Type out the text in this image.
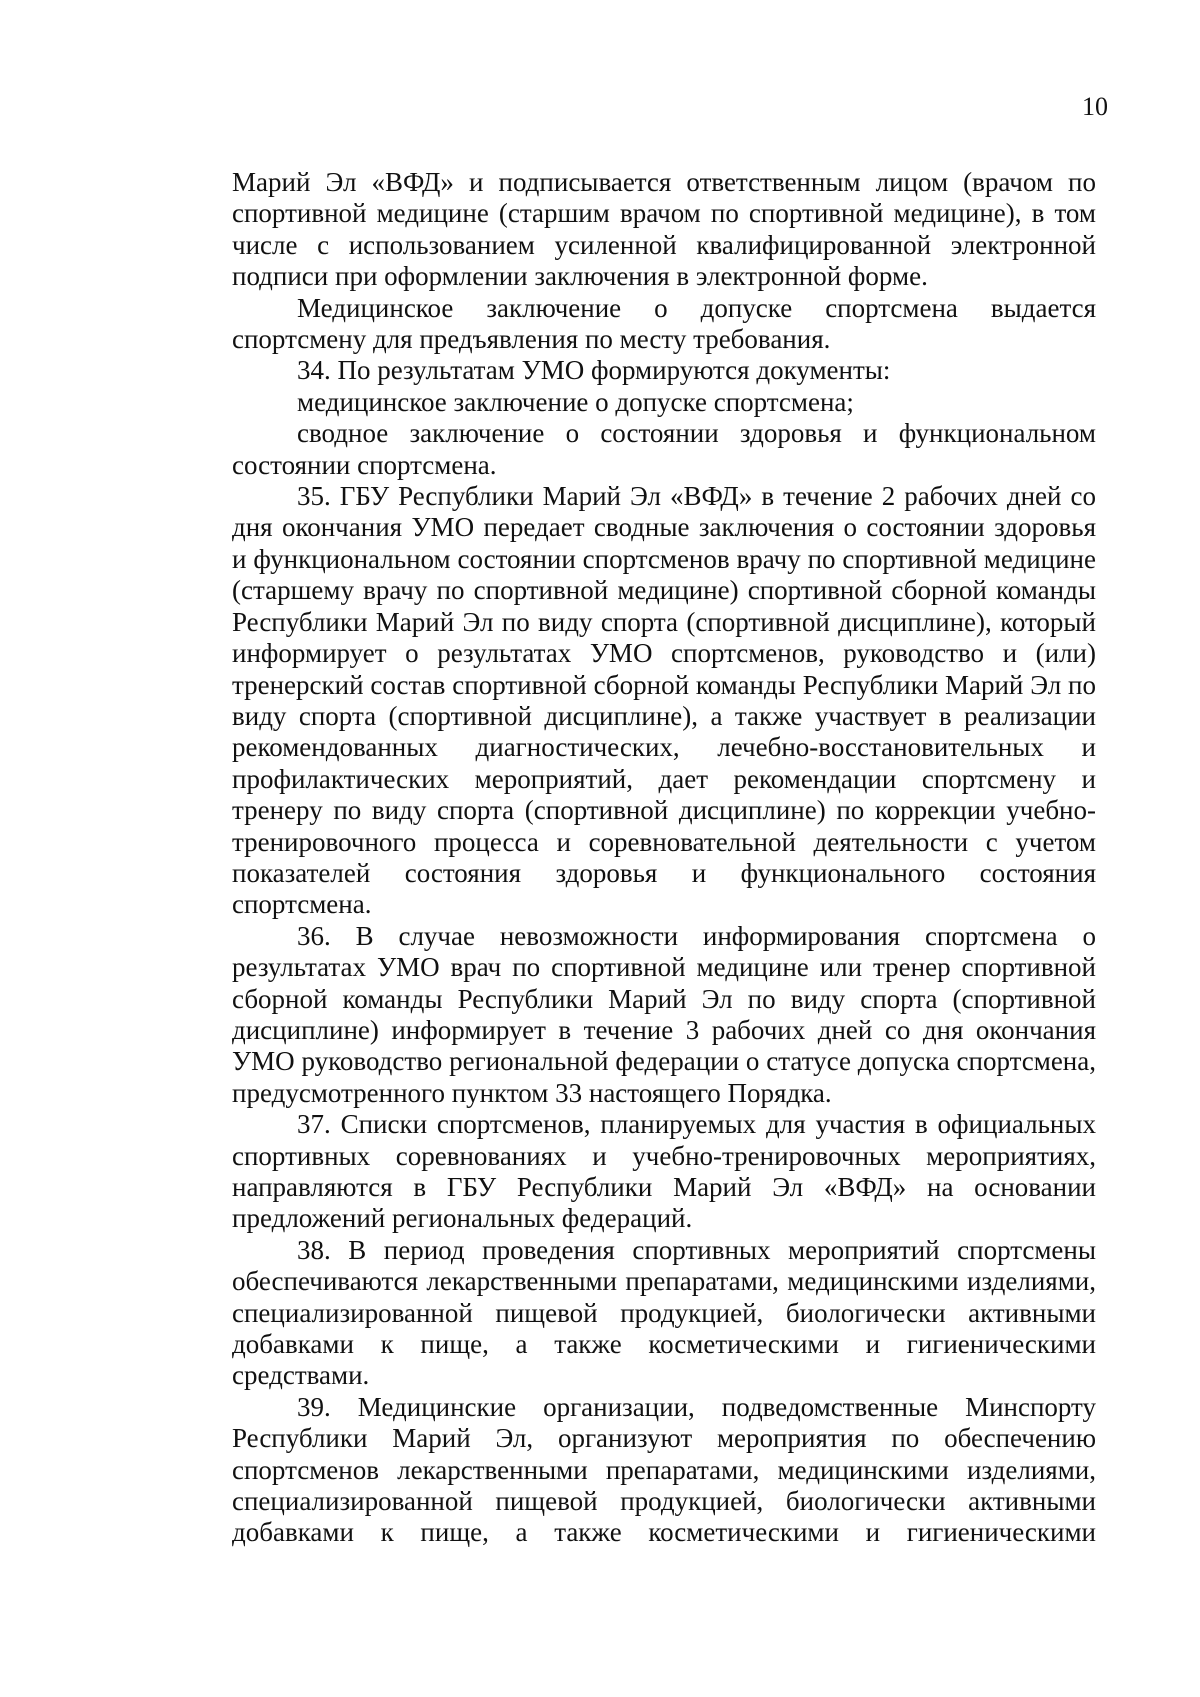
10

Марий Эл «ВФД» и подписывается ответственным лицом (врачом по спортивной медицине (старшим врачом по спортивной медицине), в том числе с использованием усиленной квалифицированной электронной подписи при оформлении заключения в электронной форме.

Медицинское заключение о допуске спортсмена выдается спортсмену для предъявления по месту требования.

34. По результатам УМО формируются документы:

медицинское заключение о допуске спортсмена;

сводное заключение о состоянии здоровья и функциональном состоянии спортсмена.

35. ГБУ Республики Марий Эл «ВФД» в течение 2 рабочих дней со дня окончания УМО передает сводные заключения о состоянии здоровья и функциональном состоянии спортсменов врачу по спортивной медицине (старшему врачу по спортивной медицине) спортивной сборной команды Республики Марий Эл по виду спорта (спортивной дисциплине), который информирует о результатах УМО спортсменов, руководство и (или) тренерский состав спортивной сборной команды Республики Марий Эл по виду спорта (спортивной дисциплине), а также участвует в реализации рекомендованных диагностических, лечебно-восстановительных и профилактических мероприятий, дает рекомендации спортсмену и тренеру по виду спорта (спортивной дисциплине) по коррекции учебно-тренировочного процесса и соревновательной деятельности с учетом показателей состояния здоровья и функционального состояния спортсмена.

36. В случае невозможности информирования спортсмена о результатах УМО врач по спортивной медицине или тренер спортивной сборной команды Республики Марий Эл по виду спорта (спортивной дисциплине) информирует в течение 3 рабочих дней со дня окончания УМО руководство региональной федерации о статусе допуска спортсмена, предусмотренного пунктом 33 настоящего Порядка.

37. Списки спортсменов, планируемых для участия в официальных спортивных соревнованиях и учебно-тренировочных мероприятиях, направляются в ГБУ Республики Марий Эл «ВФД» на основании предложений региональных федераций.

38. В период проведения спортивных мероприятий спортсмены обеспечиваются лекарственными препаратами, медицинскими изделиями, специализированной пищевой продукцией, биологически активными добавками к пище, а также косметическими и гигиеническими средствами.

39. Медицинские организации, подведомственные Минспорту Республики Марий Эл, организуют мероприятия по обеспечению спортсменов лекарственными препаратами, медицинскими изделиями, специализированной пищевой продукцией, биологически активными добавками к пище, а также косметическими и гигиеническими
